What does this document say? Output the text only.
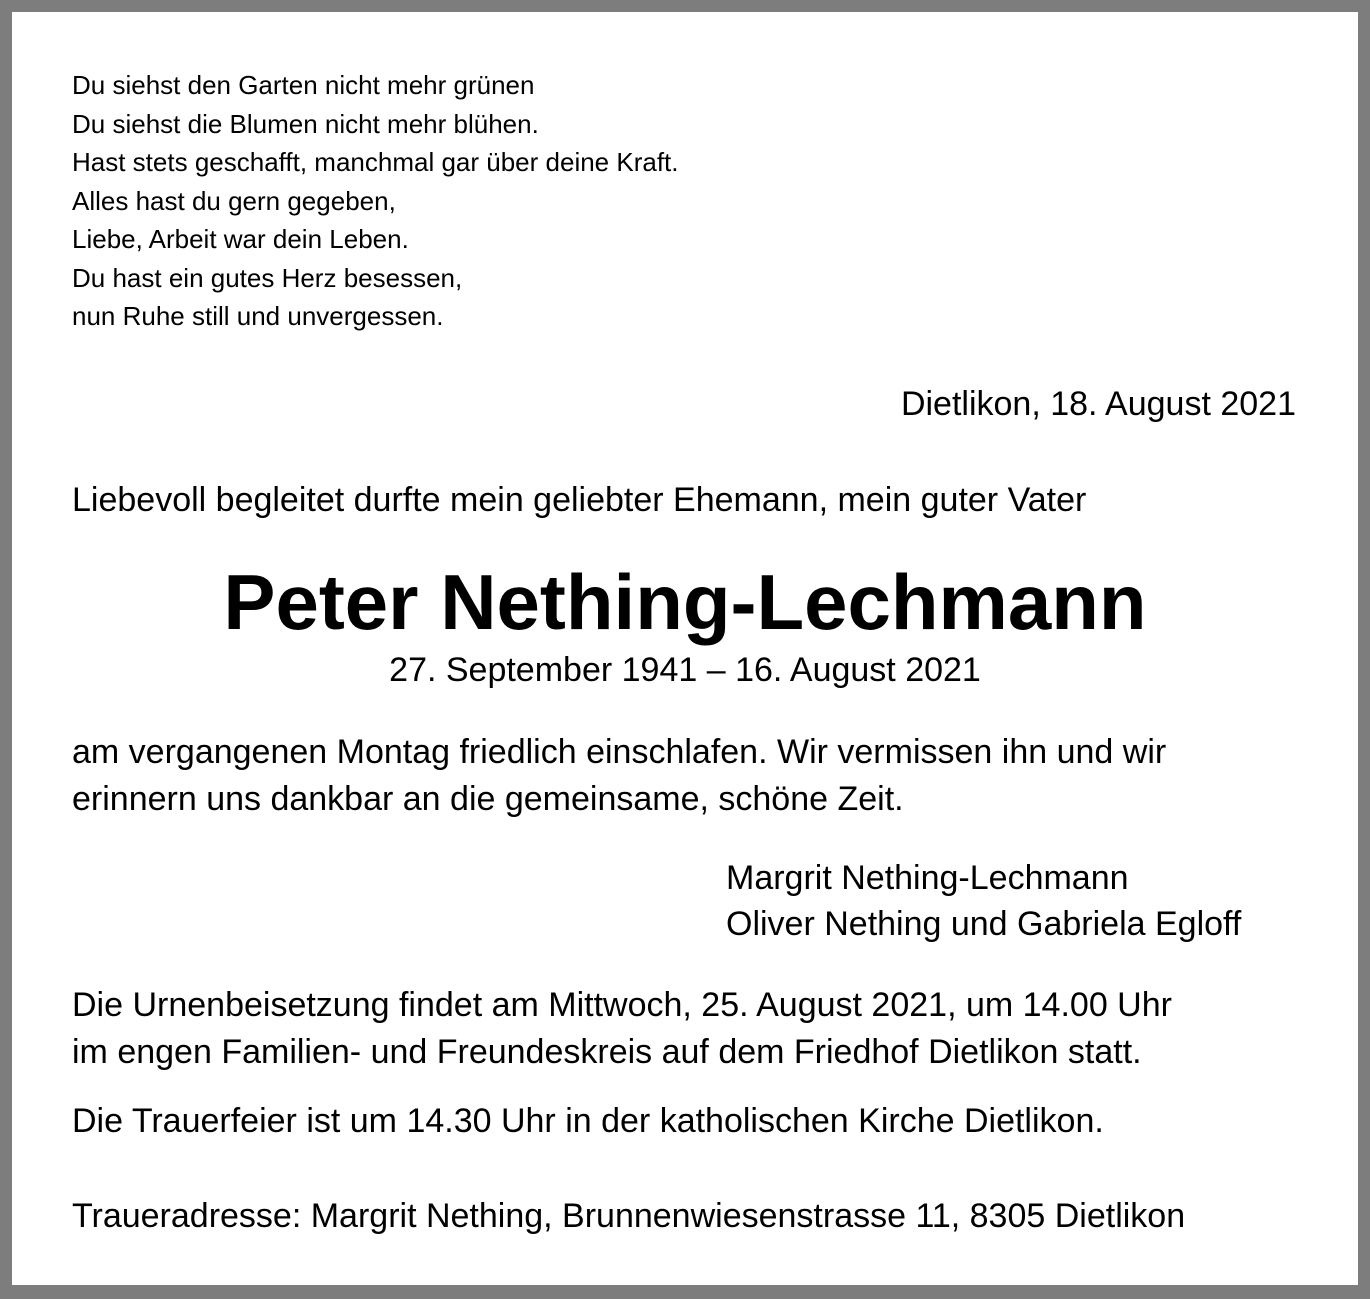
Du siehst den Garten nicht mehr grünen
Du siehst die Blumen nicht mehr blühen.
Hast stets geschafft, manchmal gar über deine Kraft.
Alles hast du gern gegeben,
Liebe, Arbeit war dein Leben.
Du hast ein gutes Herz besessen,
nun Ruhe still und unvergessen.
Dietlikon, 18. August 2021
Liebevoll begleitet durfte mein geliebter Ehemann, mein guter Vater
Peter Nething-Lechmann
27. September 1941 – 16. August 2021
am vergangenen Montag friedlich einschlafen. Wir vermissen ihn und wir
erinnern uns dankbar an die gemeinsame, schöne Zeit.
Margrit Nething-Lechmann
Oliver Nething und Gabriela Egloff
Die Urnenbeisetzung findet am Mittwoch, 25. August 2021, um 14.00 Uhr
im engen Familien- und Freundeskreis auf dem Friedhof Dietlikon statt.
Die Trauerfeier ist um 14.30 Uhr in der katholischen Kirche Dietlikon.
Traueradresse: Margrit Nething, Brunnenwiesenstrasse 11, 8305 Dietlikon
